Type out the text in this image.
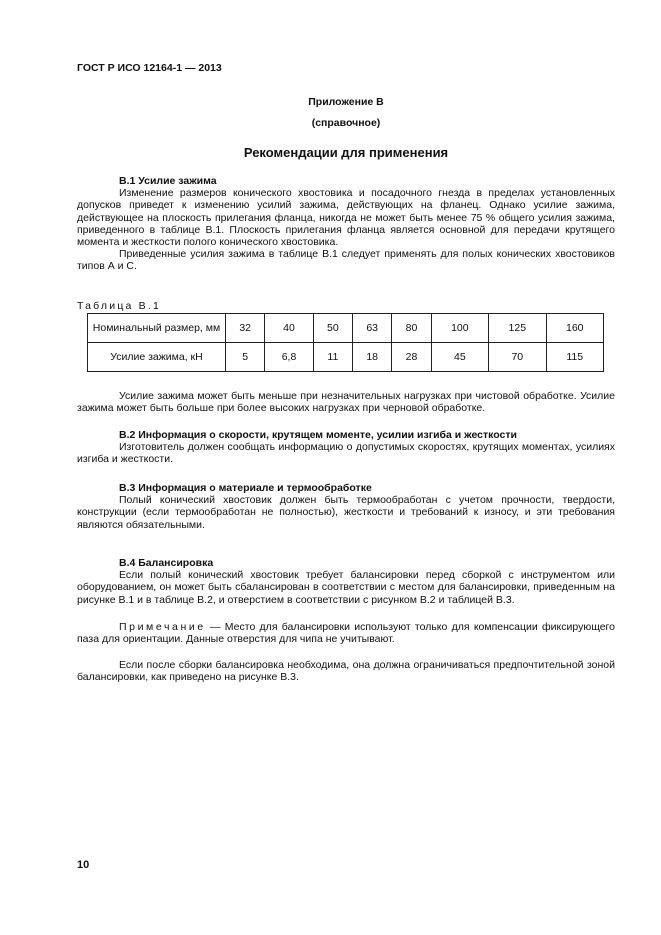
ГОСТ Р ИСО 12164-1 — 2013
Приложение В
(справочное)
Рекомендации для применения
В.1 Усилие зажима

Изменение размеров конического хвостовика и посадочного гнезда в пределах установленных допусков приведет к изменению усилий зажима, действующих на фланец. Однако усилие зажима, действующее на плоскость прилегания фланца, никогда не может быть менее 75 % общего усилия зажима, приведенного в таблице В.1. Плоскость прилегания фланца является основной для передачи крутящего момента и жесткости полого конического хвостовика.

Приведенные усилия зажима в таблице В.1 следует применять для полых конических хвостовиков типов А и С.

Таблица В.1
Номинальный размер, мм	32	40	50	63	80	100	125	160
Усилие зажима, кН	5	6,8	11	18	28	45	70	115

Усилие зажима может быть меньше при незначительных нагрузках при чистовой обработке. Усилие зажима может быть больше при более высоких нагрузках при черновой обработке.

В.2 Информация о скорости, крутящем моменте, усилии изгиба и жесткости

Изготовитель должен сообщать информацию о допустимых скоростях, крутящих моментах, усилиях изгиба и жесткости.

В.3 Информация о материале и термообработке

Полый конический хвостовик должен быть термообработан с учетом прочности, твердости, конструкции (если термообработан не полностью), жесткости и требований к износу, и эти требования являются обязательными.

В.4 Балансировка

Если полый конический хвостовик требует балансировки перед сборкой с инструментом или оборудованием, он может быть сбалансирован в соответствии с местом для балансировки, приведенным на рисунке В.1 и в таблице В.2, и отверстием в соответствии с рисунком В.2 и таблицей В.3.

Примечание — Место для балансировки используют только для компенсации фиксирующего паза для ориентации. Данные отверстия для чипа не учитывают.

Если после сборки балансировка необходима, она должна ограничиваться предпочтительной зоной балансировки, как приведено на рисунке В.3.

10
